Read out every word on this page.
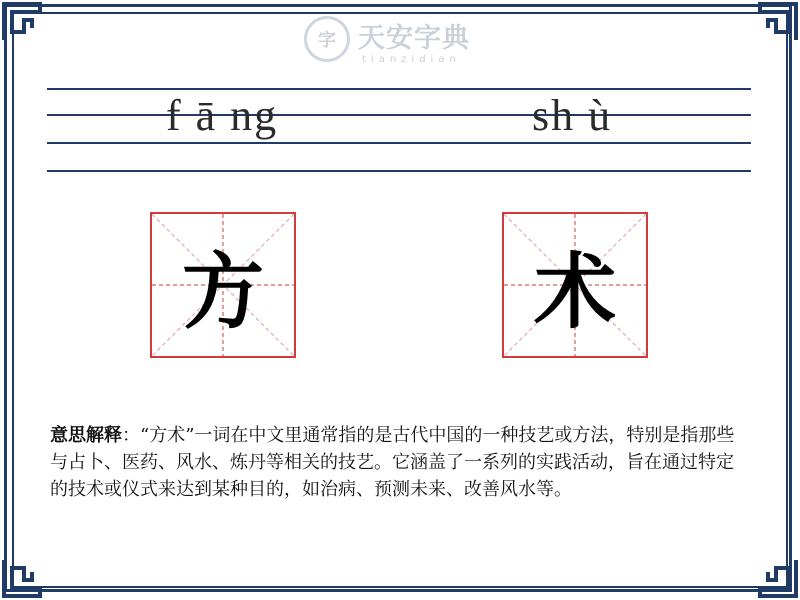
字 天安字典
tianzidian
f ā ng	sh ù
方	术
意思解释：“方术”一词在中文里通常指的是古代中国的一种技艺或方法，特别是指那些与占卜、医药、风水、炼丹等相关的技艺。它涵盖了一系列的实践活动，旨在通过特定的技术或仪式来达到某种目的，如治病、预测未来、改善风水等。
